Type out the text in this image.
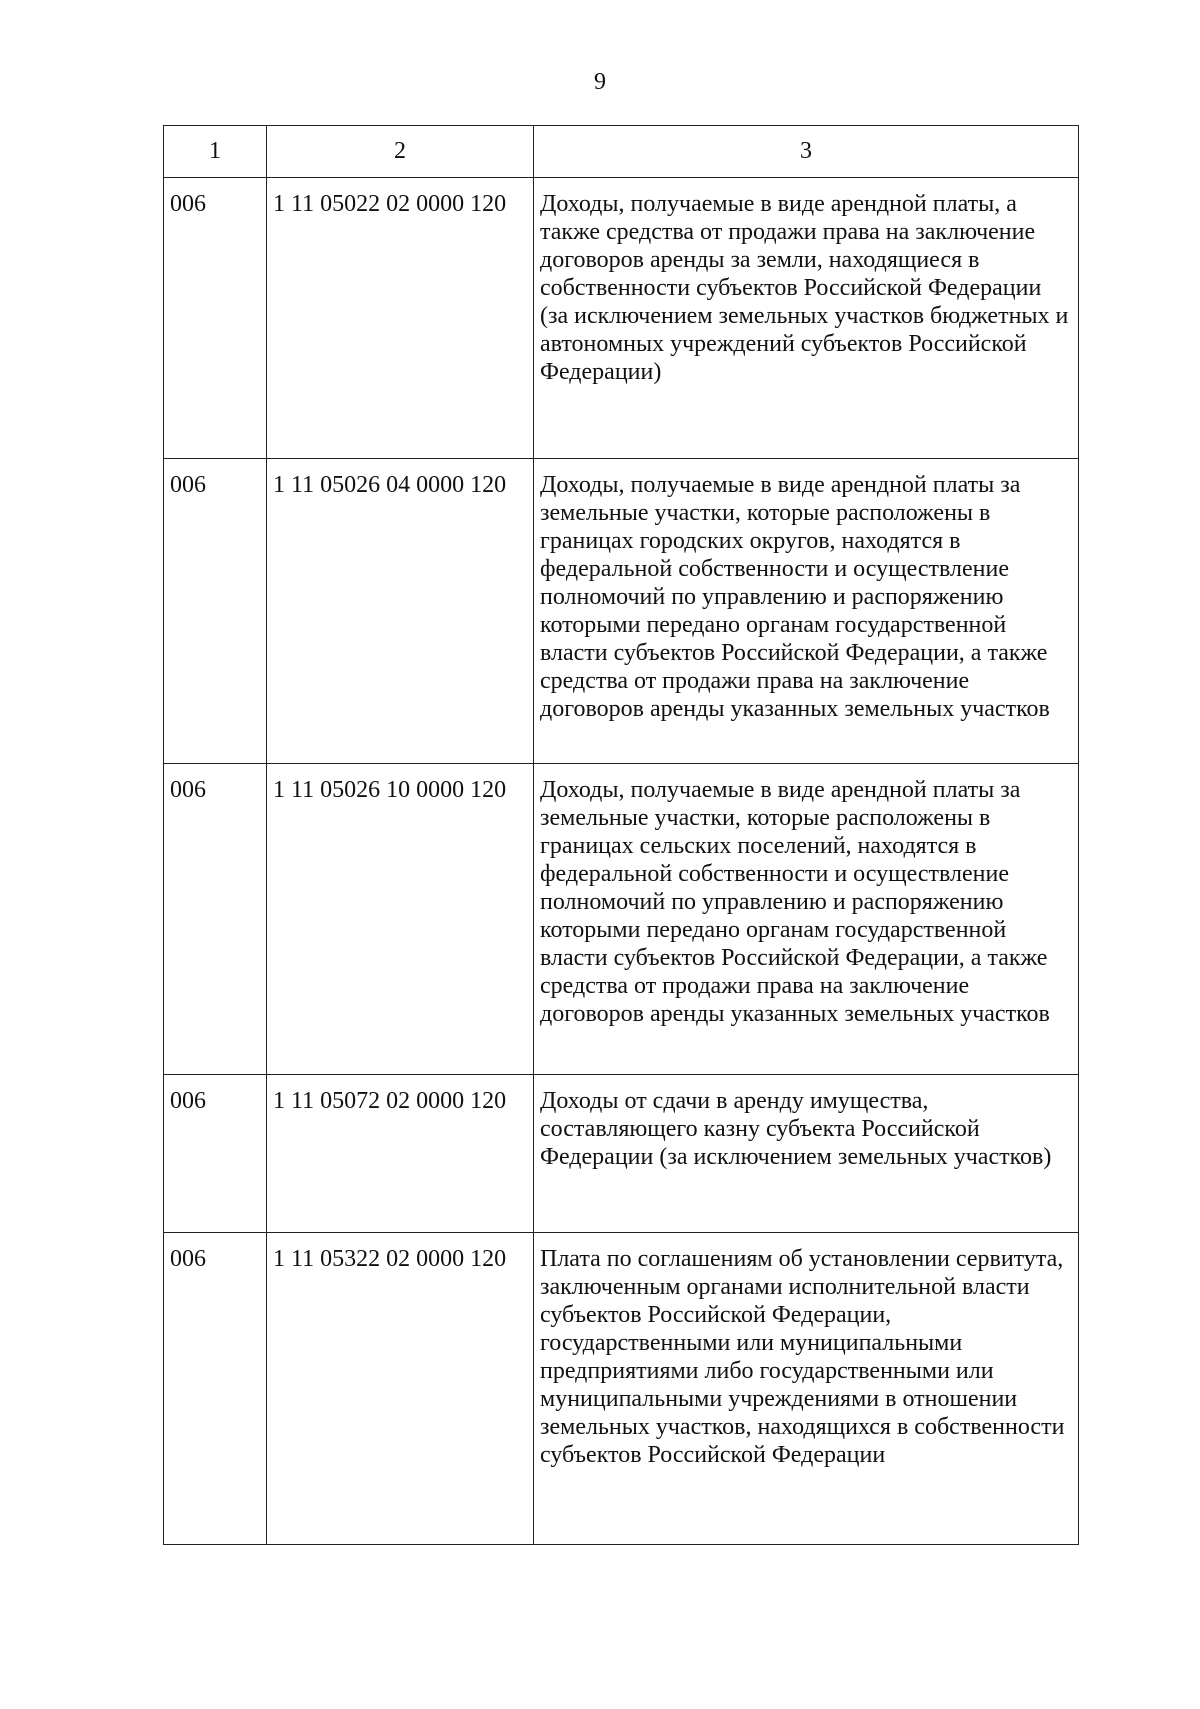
9
1	2	3
006	1 11 05022 02 0000 120	Доходы, получаемые в виде арендной платы, а также средства от продажи права на заключение договоров аренды за земли, находящиеся в собственности субъектов Российской Федерации (за исключением земельных участков бюджетных и автономных учреждений субъектов Российской Федерации)
006	1 11 05026 04 0000 120	Доходы, получаемые в виде арендной платы за земельные участки, которые расположены в границах городских округов, находятся в федеральной собственности и осуществление полномочий по управлению и распоряжению которыми передано органам государственной власти субъектов Российской Федерации, а также средства от продажи права на заключение договоров аренды указанных земельных участков
006	1 11 05026 10 0000 120	Доходы, получаемые в виде арендной платы за земельные участки, которые расположены в границах сельских поселений, находятся в федеральной собственности и осуществление полномочий по управлению и распоряжению которыми передано органам государственной власти субъектов Российской Федерации, а также средства от продажи права на заключение договоров аренды указанных земельных участков
006	1 11 05072 02 0000 120	Доходы от сдачи в аренду имущества, составляющего казну субъекта Российской Федерации (за исключением земельных участков)
006	1 11 05322 02 0000 120	Плата по соглашениям об установлении сервитута, заключенным органами исполнительной власти субъектов Российской Федерации, государственными или муниципальными предприятиями либо государственными или муниципальными учреждениями в отношении земельных участков, находящихся в собственности субъектов Российской Федерации
